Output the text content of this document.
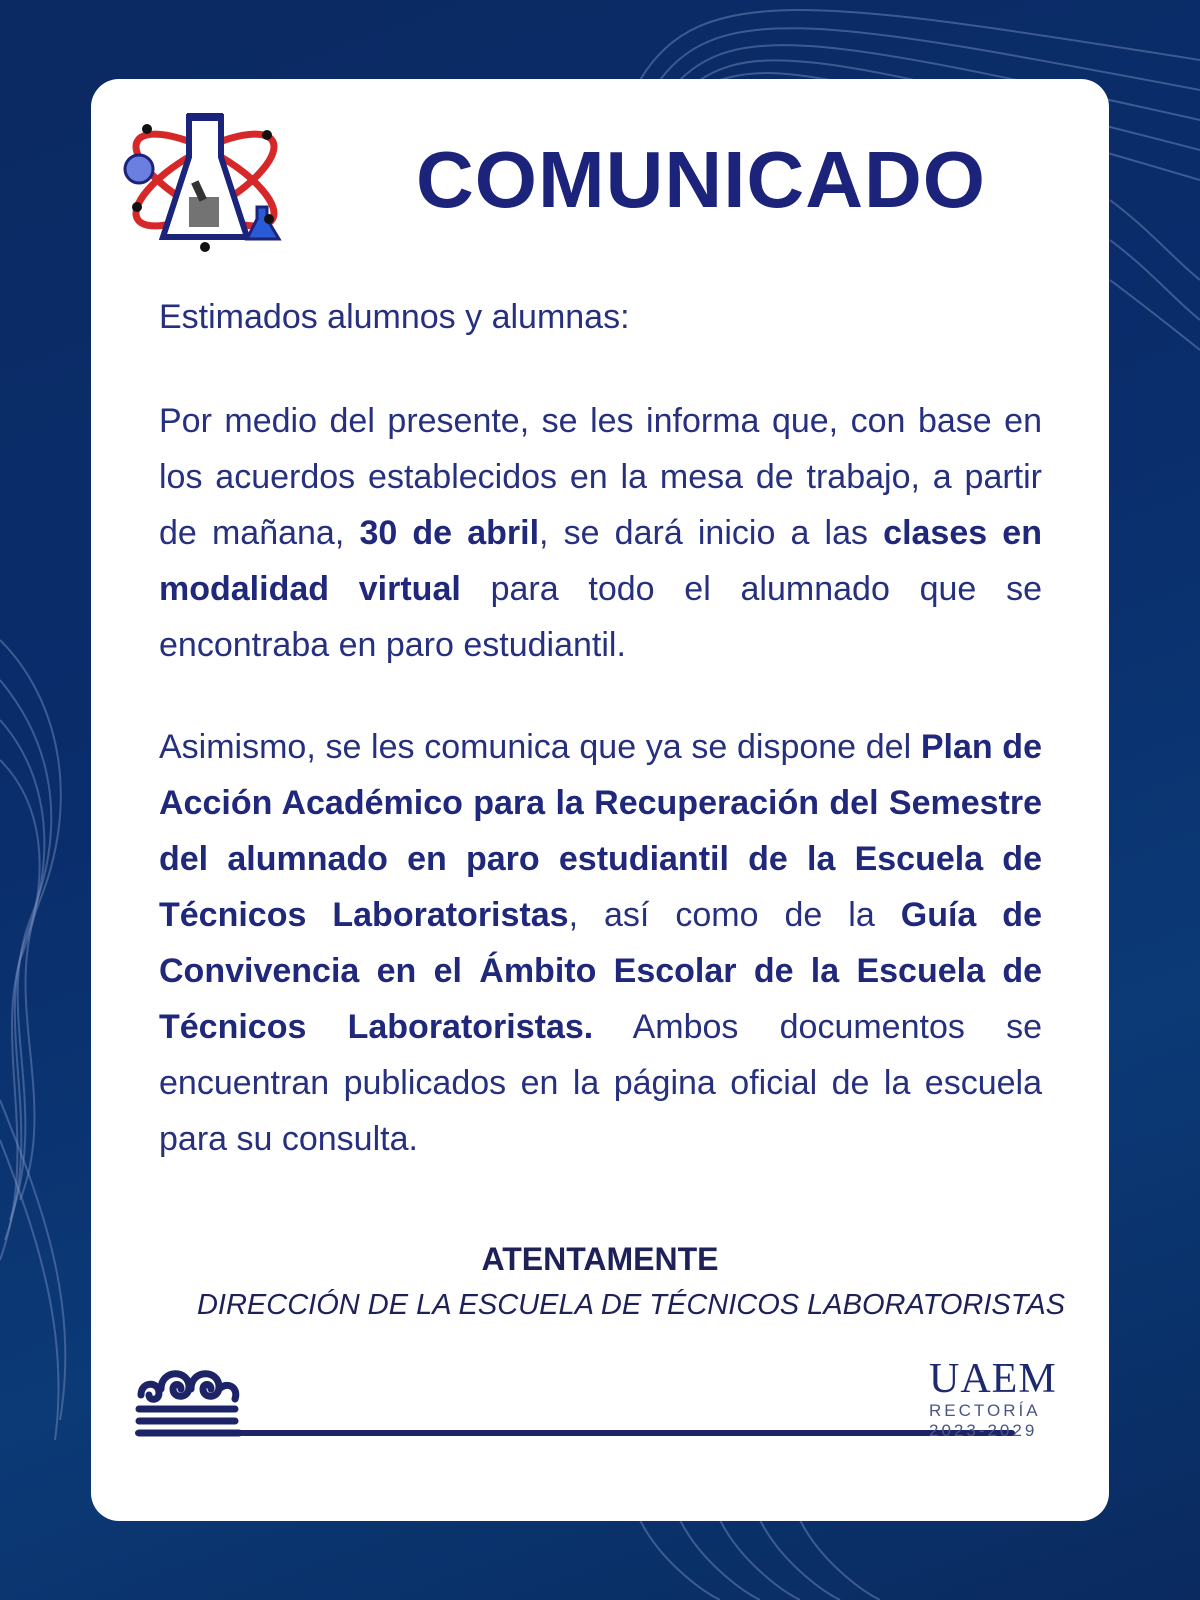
COMUNICADO

Estimados alumnos y alumnas:

Por medio del presente, se les informa que, con base en los acuerdos establecidos en la mesa de trabajo, a partir de mañana, 30 de abril, se dará inicio a las clases en modalidad virtual para todo el alumnado que se encontraba en paro estudiantil.

Asimismo, se les comunica que ya se dispone del Plan de Acción Académico para la Recuperación del Semestre del alumnado en paro estudiantil de la Escuela de Técnicos Laboratoristas, así como de la Guía de Convivencia en el Ámbito Escolar de la Escuela de Técnicos Laboratoristas. Ambos documentos se encuentran publicados en la página oficial de la escuela para su consulta.

ATENTAMENTE
DIRECCIÓN DE LA ESCUELA DE TÉCNICOS LABORATORISTAS
UAEM
RECTORÍA
2023-2029
